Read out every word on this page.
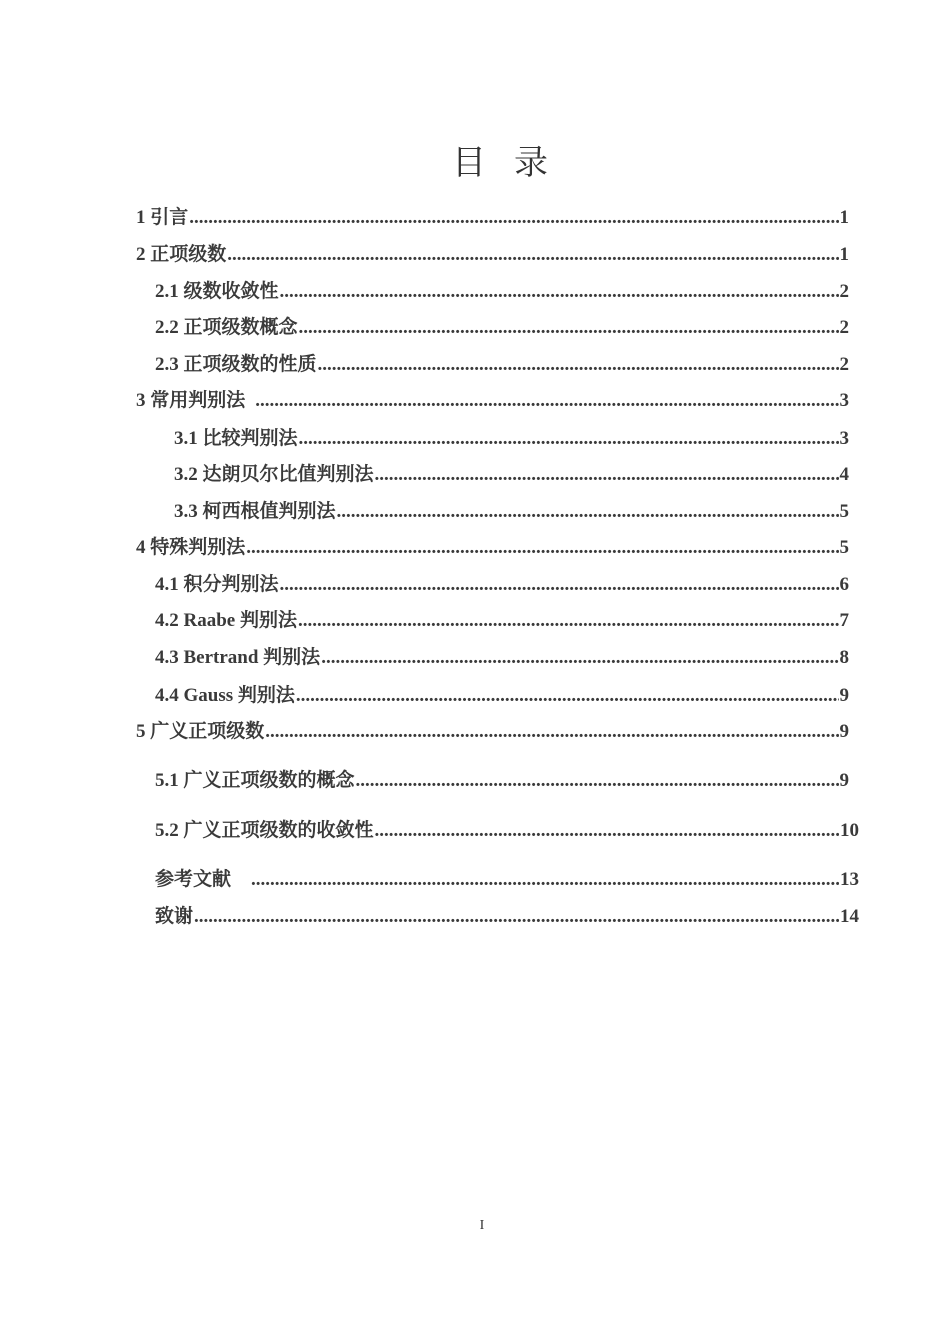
目录
1 引言 .....	1
2 正项级数 .....	1
2.1 级数收敛性 .....	2
2.2 正项级数概念 .....	2
2.3 正项级数的性质 .....	2
3 常用判别法 .....	3
3.1 比较判别法 .....	3
3.2 达朗贝尔比值判别法 .....	4
3.3 柯西根值判别法 .....	5
4 特殊判别法 .....	5
4.1 积分判别法 .....	6
4.2 Raabe 判别法 .....	7
4.3 Bertrand 判别法 .....	8
4.4 Gauss 判别法 .....	9
5 广义正项级数 .....	9
5.1 广义正项级数的概念 .....	9
5.2 广义正项级数的收敛性 .....	10
参考文献 .....	13
致谢 .....	14
I
